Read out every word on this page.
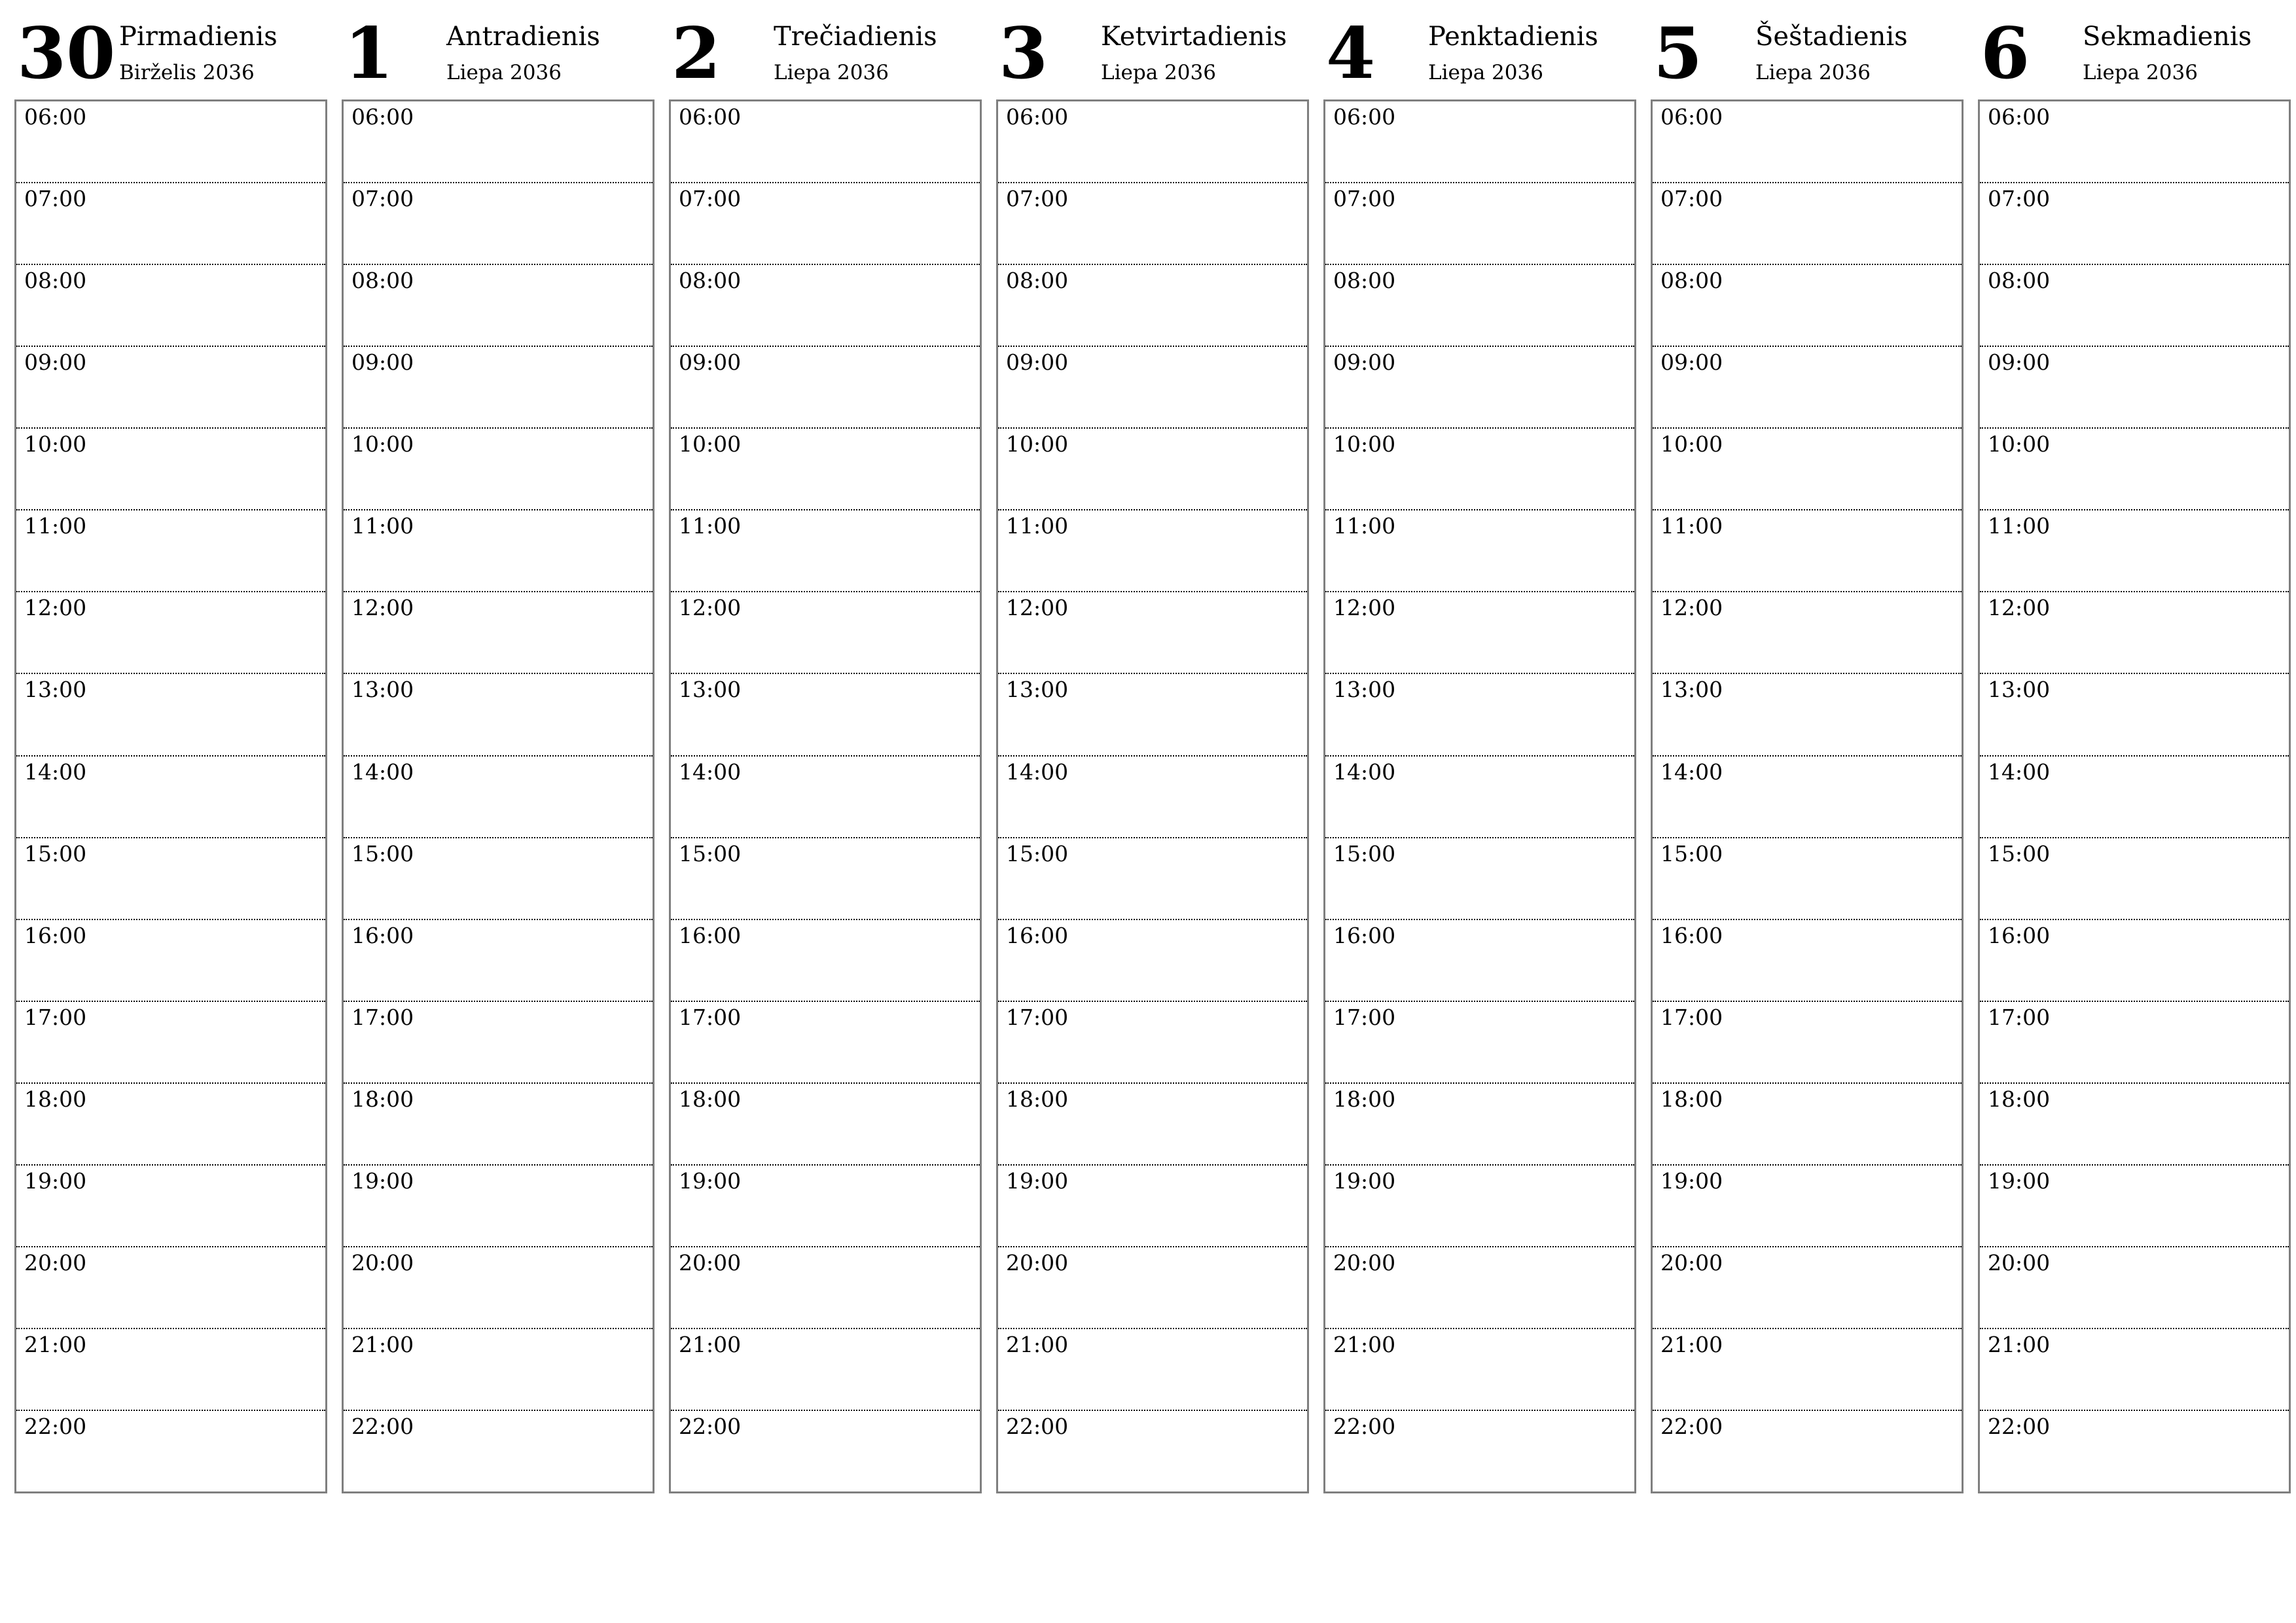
30 Pirmadienis
Birželis 2036
06:00
07:00
08:00
09:00
10:00
11:00
12:00
13:00
14:00
15:00
16:00
17:00
18:00
19:00
20:00
21:00
22:00
1 Antradienis
Liepa 2036
06:00
07:00
08:00
09:00
10:00
11:00
12:00
13:00
14:00
15:00
16:00
17:00
18:00
19:00
20:00
21:00
22:00
2 Trečiadienis
Liepa 2036
06:00
07:00
08:00
09:00
10:00
11:00
12:00
13:00
14:00
15:00
16:00
17:00
18:00
19:00
20:00
21:00
22:00
3 Ketvirtadienis
Liepa 2036
06:00
07:00
08:00
09:00
10:00
11:00
12:00
13:00
14:00
15:00
16:00
17:00
18:00
19:00
20:00
21:00
22:00
4 Penktadienis
Liepa 2036
06:00
07:00
08:00
09:00
10:00
11:00
12:00
13:00
14:00
15:00
16:00
17:00
18:00
19:00
20:00
21:00
22:00
5 Šeštadienis
Liepa 2036
06:00
07:00
08:00
09:00
10:00
11:00
12:00
13:00
14:00
15:00
16:00
17:00
18:00
19:00
20:00
21:00
22:00
6 Sekmadienis
Liepa 2036
06:00
07:00
08:00
09:00
10:00
11:00
12:00
13:00
14:00
15:00
16:00
17:00
18:00
19:00
20:00
21:00
22:00
